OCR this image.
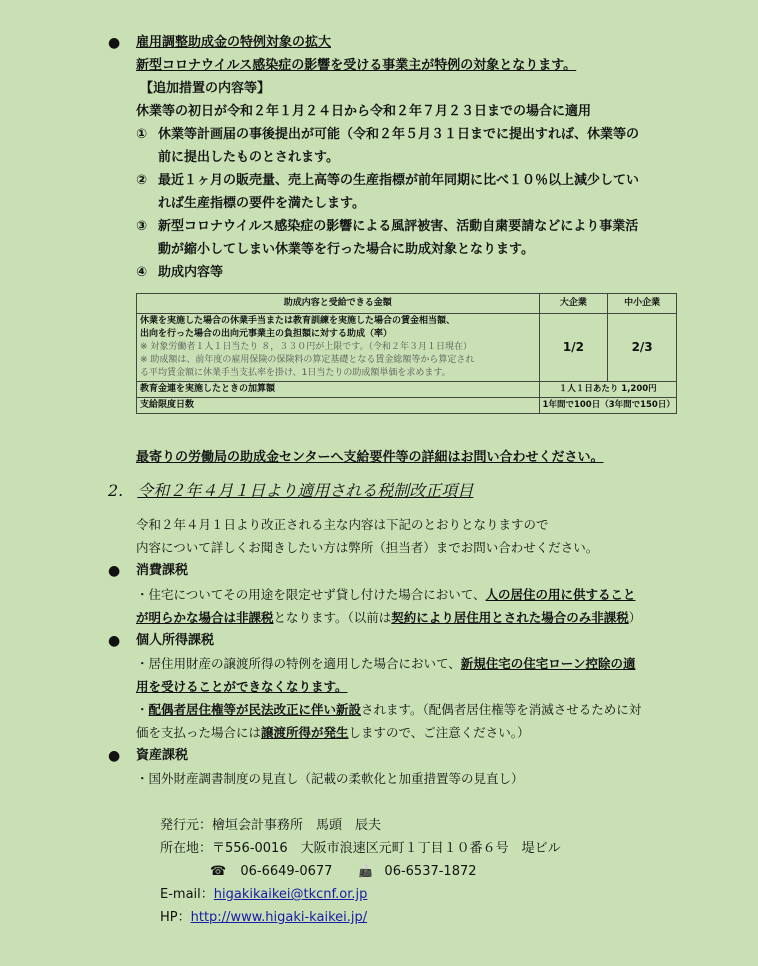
● 雇用調整助成金の特例対象の拡大
新型コロナウイルス感染症の影響を受ける事業主が特例の対象となります。
【追加措置の内容等】
休業等の初日が令和２年１月２４日から令和２年７月２３日までの場合に適用
① 休業等計画届の事後提出が可能（令和２年５月３１日までに提出すれば、休業等の
前に提出したものとされます。
② 最近１ヶ月の販売量、売上高等の生産指標が前年同期に比べ１０％以上減少してい
れば生産指標の要件を満たします。
③ 新型コロナウイルス感染症の影響による風評被害、活動自粛要請などにより事業活
動が縮小してしまい休業等を行った場合に助成対象となります。
④ 助成内容等
助成内容と受給できる金額	大企業	中小企業

休業を実施した場合の休業手当または教育訓練を実施した場合の賃金相当額、
出向を行った場合の出向元事業主の負担額に対する助成（率）
※ 対象労働者１人１日当たり ８，３３０円が上限です。（令和２年３月１日現在）
※ 助成額は、前年度の雇用保険の保険料の算定基礎となる賃金総額等から算定され
る平均賃金額に休業手当支払率を掛け、1日当たりの助成額単価を求めます。	1/2	2/3
教育金連を実施したときの加算額	１人１日あたり 1,200円	
支給限度日数	1年間で100日（3年間で150日）	
最寄りの労働局の助成金センターへ支給要件等の詳細はお問い合わせください。
2. 令和２年４月１日より適用される税制改正項目
令和２年４月１日より改正される主な内容は下記のとおりとなりますので
内容について詳しくお聞きしたい方は弊所（担当者）までお問い合わせください。
● 消費課税
・住宅についてその用途を限定せず貸し付けた場合において、人の居住の用に供すること
が明らかな場合は非課税となります。（以前は契約により居住用とされた場合のみ非課税）
● 個人所得課税
・居住用財産の譲渡所得の特例を適用した場合において、新規住宅の住宅ローン控除の適
用を受けることができなくなります。
・配偶者居住権等が民法改正に伴い新設されます。（配偶者居住権等を消滅させるために対
価を支払った場合には譲渡所得が発生しますので、ご注意ください。）
● 資産課税
・国外財産調書制度の見直し（記載の柔軟化と加重措置等の見直し）
発行元：檜垣会計事務所　馬頭　辰夫
所在地：〒556-0016　大阪市浪速区元町１丁目１０番６号　堤ビル
☎ 06-6649-0677 📠 06-6537-1872
E-mail：higakikaikei@tkcnf.or.jp
HP：http://www.higaki-kaikei.jp/
